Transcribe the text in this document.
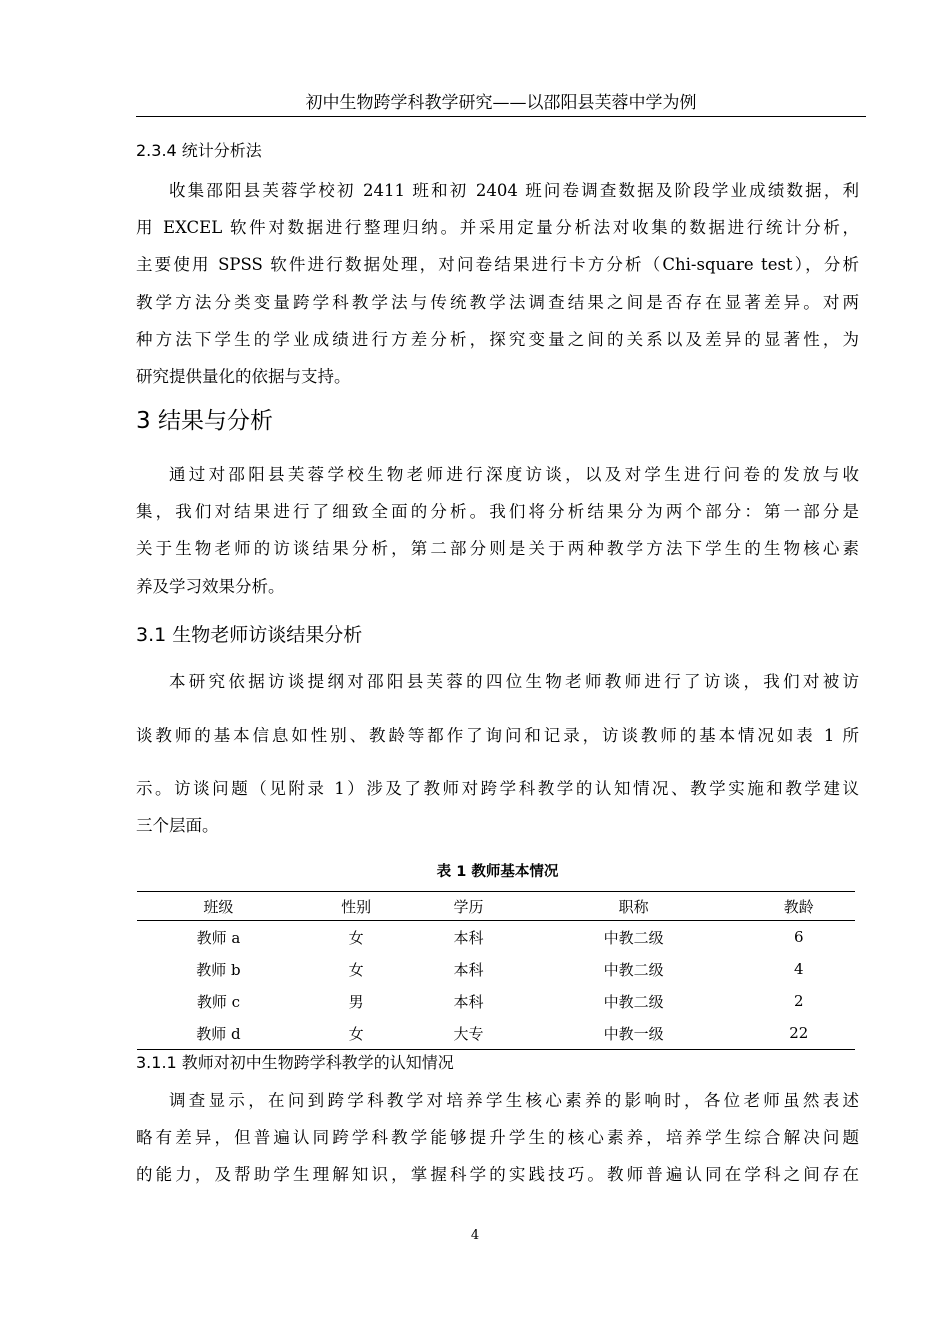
初中生物跨学科教学研究——以邵阳县芙蓉中学为例
2.3.4 统计分析法
收集邵阳县芙蓉学校初 2411 班和初 2404 班问卷调查数据及阶段学业成绩数据，利
用 EXCEL 软件对数据进行整理归纳。并采用定量分析法对收集的数据进行统计分析，
主要使用 SPSS 软件进行数据处理，对问卷结果进行卡方分析（Chi-square test），分析
教学方法分类变量跨学科教学法与传统教学法调查结果之间是否存在显著差异。对两
种方法下学生的学业成绩进行方差分析，探究变量之间的关系以及差异的显著性，为
研究提供量化的依据与支持。
3 结果与分析
通过对邵阳县芙蓉学校生物老师进行深度访谈，以及对学生进行问卷的发放与收
集，我们对结果进行了细致全面的分析。我们将分析结果分为两个部分：第一部分是
关于生物老师的访谈结果分析，第二部分则是关于两种教学方法下学生的生物核心素
养及学习效果分析。
3.1 生物老师访谈结果分析
本研究依据访谈提纲对邵阳县芙蓉的四位生物老师教师进行了访谈，我们对被访
谈教师的基本信息如性别、教龄等都作了询问和记录，访谈教师的基本情况如表 1 所
示。访谈问题（见附录 1）涉及了教师对跨学科教学的认知情况、教学实施和教学建议
三个层面。
表 1 教师基本情况
班级	性别	学历	职称	教龄
教师 a	女	本科	中教二级	6
教师 b	女	本科	中教二级	4
教师 c	男	本科	中教二级	2
教师 d	女	大专	中教一级	22
3.1.1 教师对初中生物跨学科教学的认知情况
调查显示，在问到跨学科教学对培养学生核心素养的影响时，各位老师虽然表述
略有差异，但普遍认同跨学科教学能够提升学生的核心素养，培养学生综合解决问题
的能力，及帮助学生理解知识，掌握科学的实践技巧。教师普遍认同在学科之间存在
4
